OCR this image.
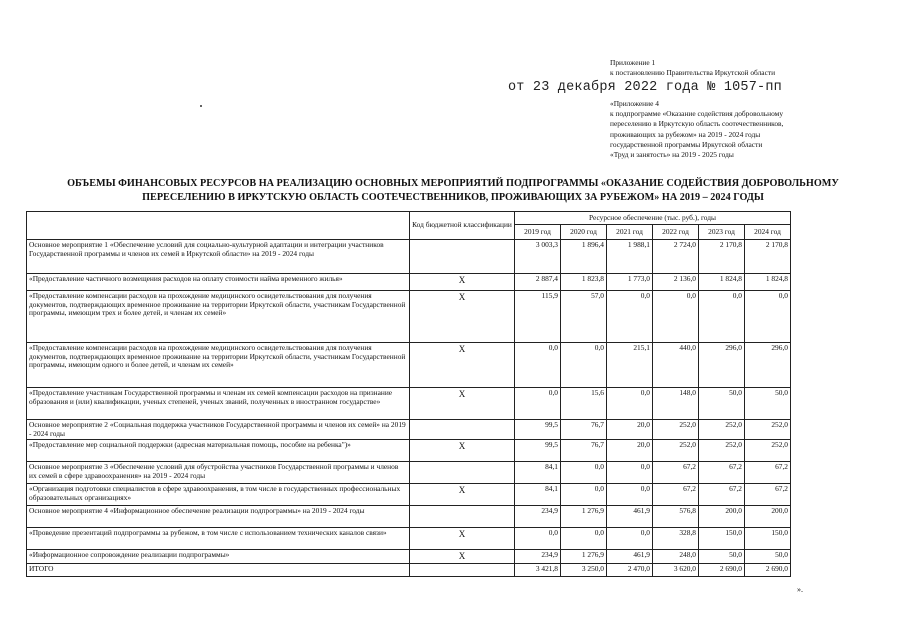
Приложение 1
к постановлению Правительства Иркутской области
от 23 декабря 2022 года № 1057-пп
«Приложение 4
к подпрограмме «Оказание содействия добровольному
переселению в Иркутскую область соотечественников,
проживающих за рубежом» на 2019 - 2024 годы
государственной программы Иркутской области
«Труд и занятость» на 2019 - 2025 годы
ОБЪЕМЫ ФИНАНСОВЫХ РЕСУРСОВ НА РЕАЛИЗАЦИЮ ОСНОВНЫХ МЕРОПРИЯТИЙ ПОДПРОГРАММЫ «ОКАЗАНИЕ СОДЕЙСТВИЯ ДОБРОВОЛЬНОМУ
ПЕРЕСЕЛЕНИЮ В ИРКУТСКУЮ ОБЛАСТЬ СООТЕЧЕСТВЕННИКОВ, ПРОЖИВАЮЩИХ ЗА РУБЕЖОМ» НА 2019 – 2024 ГОДЫ
	Код бюджетной классификации	Ресурсное обеспечение (тыс. руб.), годы					
		2019 год	2020 год	2021 год	2022 год	2023 год	2024 год
Основное мероприятие 1 «Обеспечение условий для социально-культурной адаптации и интеграции участников Государственной программы и членов их семей в Иркутской области» на 2019 - 2024 годы		3 003,3	1 896,4	1 988,1	2 724,0	2 170,8	2 170,8
«Предоставление частичного возмещения расходов на оплату стоимости найма временного жилья»	X	2 887,4	1 823,8	1 773,0	2 136,0	1 824,8	1 824,8
«Предоставление компенсации расходов на прохождение медицинского освидетельствования для получения документов, подтверждающих временное проживание на территории Иркутской области, участникам Государственной программы, имеющим трех и более детей, и членам их семей»	X	115,9	57,0	0,0	0,0	0,0	0,0
«Предоставление компенсации расходов на прохождение медицинского освидетельствования для получения документов, подтверждающих временное проживание на территории Иркутской области, участникам Государственной программы, имеющим одного и более детей, и членам их семей»	X	0,0	0,0	215,1	440,0	296,0	296,0
«Предоставление участникам Государственной программы и членам их семей компенсации расходов на признание образования и (или) квалификации, ученых степеней, ученых званий, полученных в иностранном государстве»	X	0,0	15,6	0,0	148,0	50,0	50,0
Основное мероприятие 2 «Социальная поддержка участников Государственной программы и членов их семей» на 2019 - 2024 годы		99,5	76,7	20,0	252,0	252,0	252,0
«Предоставление мер социальной поддержки (адресная материальная помощь, пособие на ребенка")»	X	99,5	76,7	20,0	252,0	252,0	252,0
Основное мероприятие 3 «Обеспечение условий для обустройства участников Государственной программы и членов их семей в сфере здравоохранения» на 2019 - 2024 годы		84,1	0,0	0,0	67,2	67,2	67,2
«Организация подготовки специалистов в сфере здравоохранения, в том числе в государственных профессиональных образовательных организациях»	X	84,1	0,0	0,0	67,2	67,2	67,2
Основное мероприятие 4 «Информационное обеспечение реализации подпрограммы» на 2019 - 2024 годы		234,9	1 276,9	461,9	576,8	200,0	200,0
«Проведение презентаций подпрограммы за рубежом, в том числе с использованием технических каналов связи»	X	0,0	0,0	0,0	328,8	150,0	150,0
«Информационное сопровождение реализации подпрограммы»	X	234,9	1 276,9	461,9	248,0	50,0	50,0
ИТОГО		3 421,8	3 250,0	2 470,0	3 620,0	2 690,0	2 690,0
».
